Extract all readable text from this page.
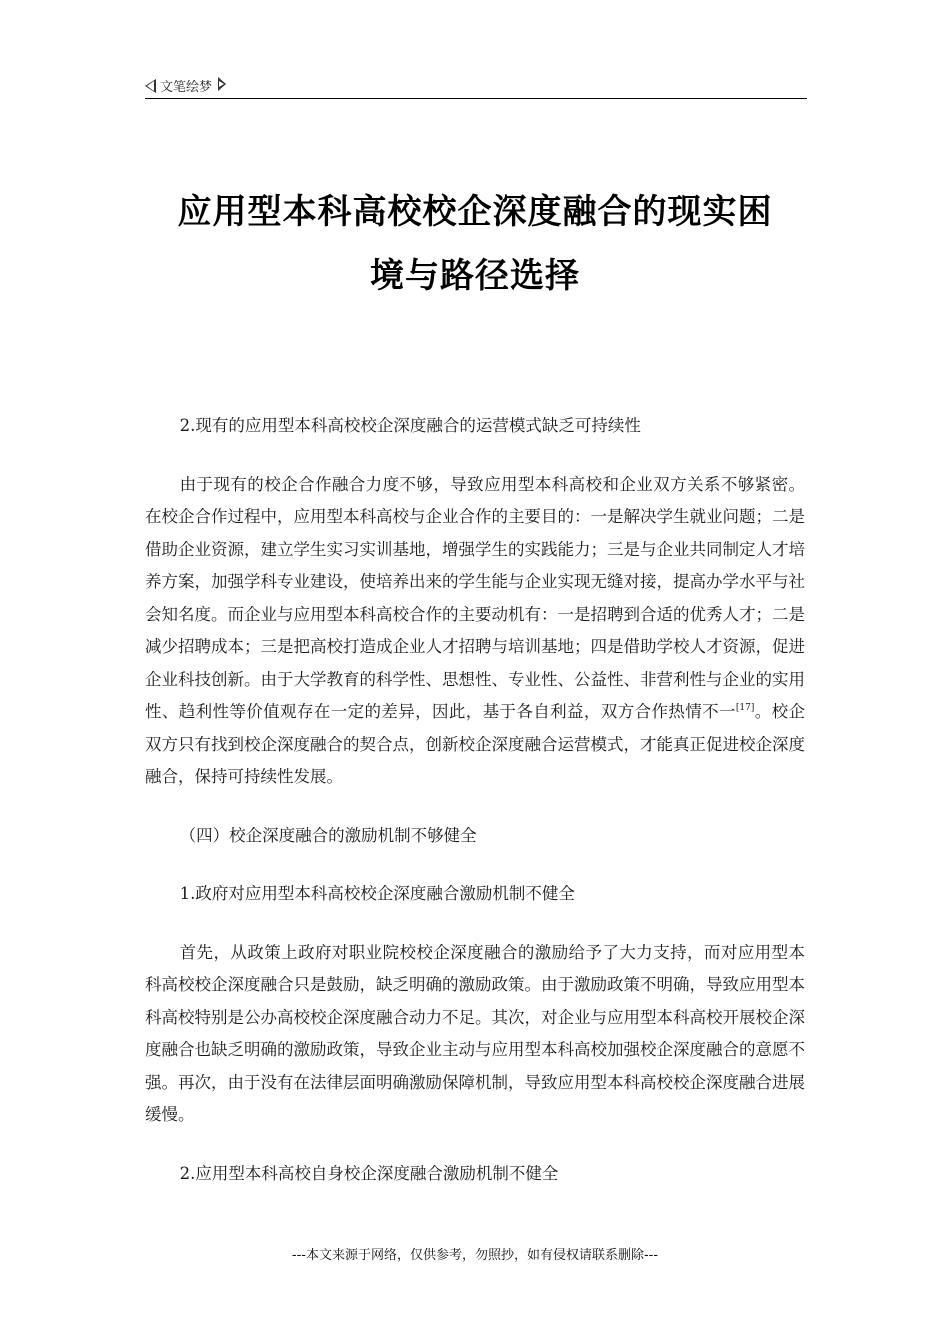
文笔绘梦
应用型本科高校校企深度融合的现实困
境与路径选择

2.现有的应用型本科高校校企深度融合的运营模式缺乏可持续性

由于现有的校企合作融合力度不够，导致应用型本科高校和企业双方关系不够紧密。在校企合作过程中，应用型本科高校与企业合作的主要目的：一是解决学生就业问题；二是借助企业资源，建立学生实习实训基地，增强学生的实践能力；三是与企业共同制定人才培养方案，加强学科专业建设，使培养出来的学生能与企业实现无缝对接，提高办学水平与社会知名度。而企业与应用型本科高校合作的主要动机有：一是招聘到合适的优秀人才；二是减少招聘成本；三是把高校打造成企业人才招聘与培训基地；四是借助学校人才资源，促进企业科技创新。由于大学教育的科学性、思想性、专业性、公益性、非营利性与企业的实用性、趋利性等价值观存在一定的差异，因此，基于各自利益，双方合作热情不一[17]。校企双方只有找到校企深度融合的契合点，创新校企深度融合运营模式，才能真正促进校企深度融合，保持可持续性发展。

（四）校企深度融合的激励机制不够健全

1.政府对应用型本科高校校企深度融合激励机制不健全

首先，从政策上政府对职业院校校企深度融合的激励给予了大力支持，而对应用型本科高校校企深度融合只是鼓励，缺乏明确的激励政策。由于激励政策不明确，导致应用型本科高校特别是公办高校校企深度融合动力不足。其次，对企业与应用型本科高校开展校企深度融合也缺乏明确的激励政策，导致企业主动与应用型本科高校加强校企深度融合的意愿不强。再次，由于没有在法律层面明确激励保障机制，导致应用型本科高校校企深度融合进展缓慢。

2.应用型本科高校自身校企深度融合激励机制不健全

---本文来源于网络，仅供参考，勿照抄，如有侵权请联系删除---
